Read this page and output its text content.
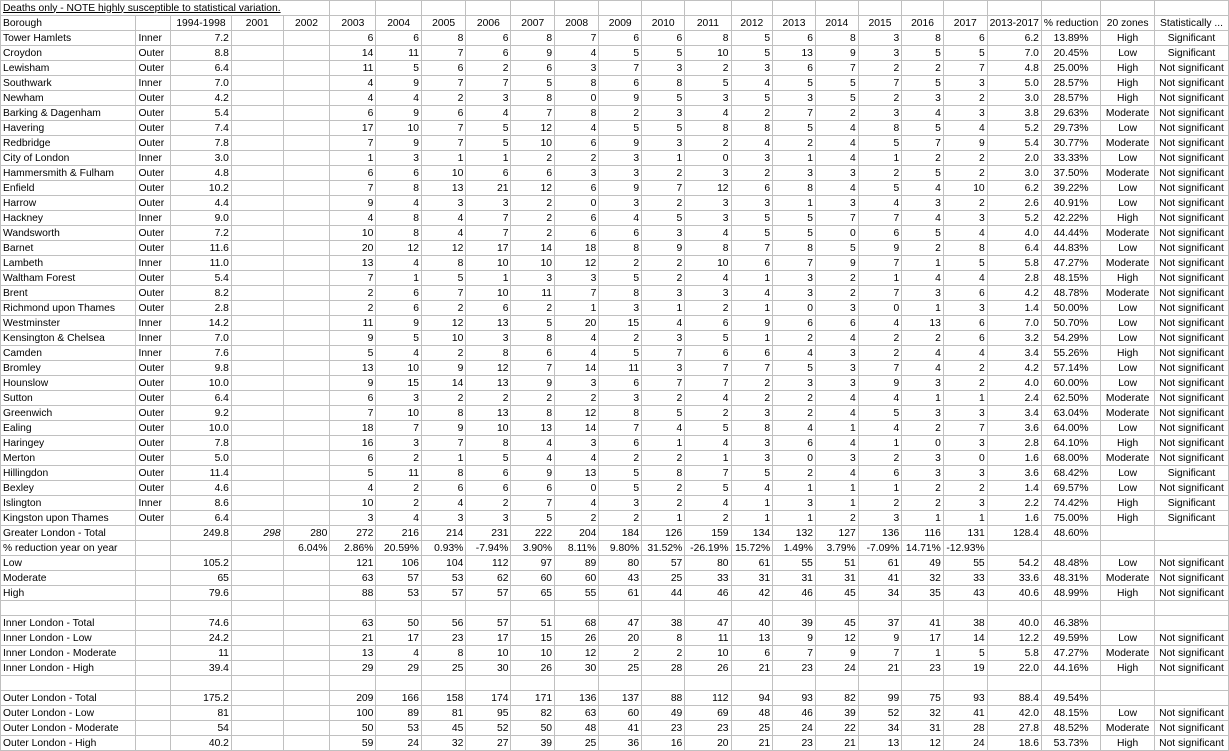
Deaths only - NOTE highly susceptible to statistical variation.																							
Borough		1994-1998	2001	2002	2003	2004	2005	2006	2007	2008	2009	2010	2011	2012	2013	2014	2015	2016	2017	2013-2017	% reduction	20 zones	Statistically ...
Tower Hamlets	Inner	7.2			6	6	8	6	8	7	6	6	8	5	6	8	3	8	6	6.2	13.89%	High	Significant
Croydon	Outer	8.8			14	11	7	6	9	4	5	5	10	5	13	9	3	5	5	7.0	20.45%	Low	Significant
Lewisham	Outer	6.4			11	5	6	2	6	3	7	3	2	3	6	7	2	2	7	4.8	25.00%	High	Not significant
Southwark	Inner	7.0			4	9	7	7	5	8	6	8	5	4	5	5	7	5	3	5.0	28.57%	High	Not significant
Newham	Outer	4.2			4	4	2	3	8	0	9	5	3	5	3	5	2	3	2	3.0	28.57%	High	Not significant
Barking & Dagenham	Outer	5.4			6	9	6	4	7	8	2	3	4	2	7	2	3	4	3	3.8	29.63%	Moderate	Not significant
Havering	Outer	7.4			17	10	7	5	12	4	5	5	8	8	5	4	8	5	4	5.2	29.73%	Low	Not significant
Redbridge	Outer	7.8			7	9	7	5	10	6	9	3	2	4	2	4	5	7	9	5.4	30.77%	Moderate	Not significant
City of London	Inner	3.0			1	3	1	1	2	2	3	1	0	3	1	4	1	2	2	2.0	33.33%	Low	Not significant
Hammersmith & Fulham	Outer	4.8			6	6	10	6	6	3	3	2	3	2	3	3	2	5	2	3.0	37.50%	Moderate	Not significant
Enfield	Outer	10.2			7	8	13	21	12	6	9	7	12	6	8	4	5	4	10	6.2	39.22%	Low	Not significant
Harrow	Outer	4.4			9	4	3	3	2	0	3	2	3	3	1	3	4	3	2	2.6	40.91%	Low	Not significant
Hackney	Inner	9.0			4	8	4	7	2	6	4	5	3	5	5	7	7	4	3	5.2	42.22%	High	Not significant
Wandsworth	Outer	7.2			10	8	4	7	2	6	6	3	4	5	5	0	6	5	4	4.0	44.44%	Moderate	Not significant
Barnet	Outer	11.6			20	12	12	17	14	18	8	9	8	7	8	5	9	2	8	6.4	44.83%	Low	Not significant
Lambeth	Inner	11.0			13	4	8	10	10	12	2	2	10	6	7	9	7	1	5	5.8	47.27%	Moderate	Not significant
Waltham Forest	Outer	5.4			7	1	5	1	3	3	5	2	4	1	3	2	1	4	4	2.8	48.15%	High	Not significant
Brent	Outer	8.2			2	6	7	10	11	7	8	3	3	4	3	2	7	3	6	4.2	48.78%	Moderate	Not significant
Richmond upon Thames	Outer	2.8			2	6	2	6	2	1	3	1	2	1	0	3	0	1	3	1.4	50.00%	Low	Not significant
Westminster	Inner	14.2			11	9	12	13	5	20	15	4	6	9	6	6	4	13	6	7.0	50.70%	Low	Not significant
Kensington & Chelsea	Inner	7.0			9	5	10	3	8	4	2	3	5	1	2	4	2	2	6	3.2	54.29%	Low	Not significant
Camden	Inner	7.6			5	4	2	8	6	4	5	7	6	6	4	3	2	4	4	3.4	55.26%	High	Not significant
Bromley	Outer	9.8			13	10	9	12	7	14	11	3	7	7	5	3	7	4	2	4.2	57.14%	Low	Not significant
Hounslow	Outer	10.0			9	15	14	13	9	3	6	7	7	2	3	3	9	3	2	4.0	60.00%	Low	Not significant
Sutton	Outer	6.4			6	3	2	2	2	2	3	2	4	2	2	4	4	1	1	2.4	62.50%	Moderate	Not significant
Greenwich	Outer	9.2			7	10	8	13	8	12	8	5	2	3	2	4	5	3	3	3.4	63.04%	Moderate	Not significant
Ealing	Outer	10.0			18	7	9	10	13	14	7	4	5	8	4	1	4	2	7	3.6	64.00%	Low	Not significant
Haringey	Outer	7.8			16	3	7	8	4	3	6	1	4	3	6	4	1	0	3	2.8	64.10%	High	Not significant
Merton	Outer	5.0			6	2	1	5	4	4	2	2	1	3	0	3	2	3	0	1.6	68.00%	Moderate	Not significant
Hillingdon	Outer	11.4			5	11	8	6	9	13	5	8	7	5	2	4	6	3	3	3.6	68.42%	Low	Significant
Bexley	Outer	4.6			4	2	6	6	6	0	5	2	5	4	1	1	1	2	2	1.4	69.57%	Low	Not significant
Islington	Inner	8.6			10	2	4	2	7	4	3	2	4	1	3	1	2	2	3	2.2	74.42%	High	Significant
Kingston upon Thames	Outer	6.4			3	4	3	3	5	2	2	1	2	1	1	2	3	1	1	1.6	75.00%	High	Significant
Greater London - Total		249.8	298	280	272	216	214	231	222	204	184	126	159	134	132	127	136	116	131	128.4	48.60%		
% reduction year on year				6.04%	2.86%	20.59%	0.93%	-7.94%	3.90%	8.11%	9.80%	31.52%	-26.19%	15.72%	1.49%	3.79%	-7.09%	14.71%	-12.93%				
Low		105.2			121	106	104	112	97	89	80	57	80	61	55	51	61	49	55	54.2	48.48%	Low	Not significant
Moderate		65			63	57	53	62	60	60	43	25	33	31	31	31	41	32	33	33.6	48.31%	Moderate	Not significant
High		79.6			88	53	57	57	65	55	61	44	46	42	46	45	34	35	43	40.6	48.99%	High	Not significant

Inner London - Total		74.6			63	50	56	57	51	68	47	38	47	40	39	45	37	41	38	40.0	46.38%		
Inner London - Low		24.2			21	17	23	17	15	26	20	8	11	13	9	12	9	17	14	12.2	49.59%	Low	Not significant
Inner London - Moderate		11			13	4	8	10	10	12	2	2	10	6	7	9	7	1	5	5.8	47.27%	Moderate	Not significant
Inner London - High		39.4			29	29	25	30	26	30	25	28	26	21	23	24	21	23	19	22.0	44.16%	High	Not significant

Outer London - Total		175.2			209	166	158	174	171	136	137	88	112	94	93	82	99	75	93	88.4	49.54%		
Outer London - Low		81			100	89	81	95	82	63	60	49	69	48	46	39	52	32	41	42.0	48.15%	Low	Not significant
Outer London - Moderate		54			50	53	45	52	50	48	41	23	23	25	24	22	34	31	28	27.8	48.52%	Moderate	Not significant
Outer London - High		40.2			59	24	32	27	39	25	36	16	20	21	23	21	13	12	24	18.6	53.73%	High	Not significant
